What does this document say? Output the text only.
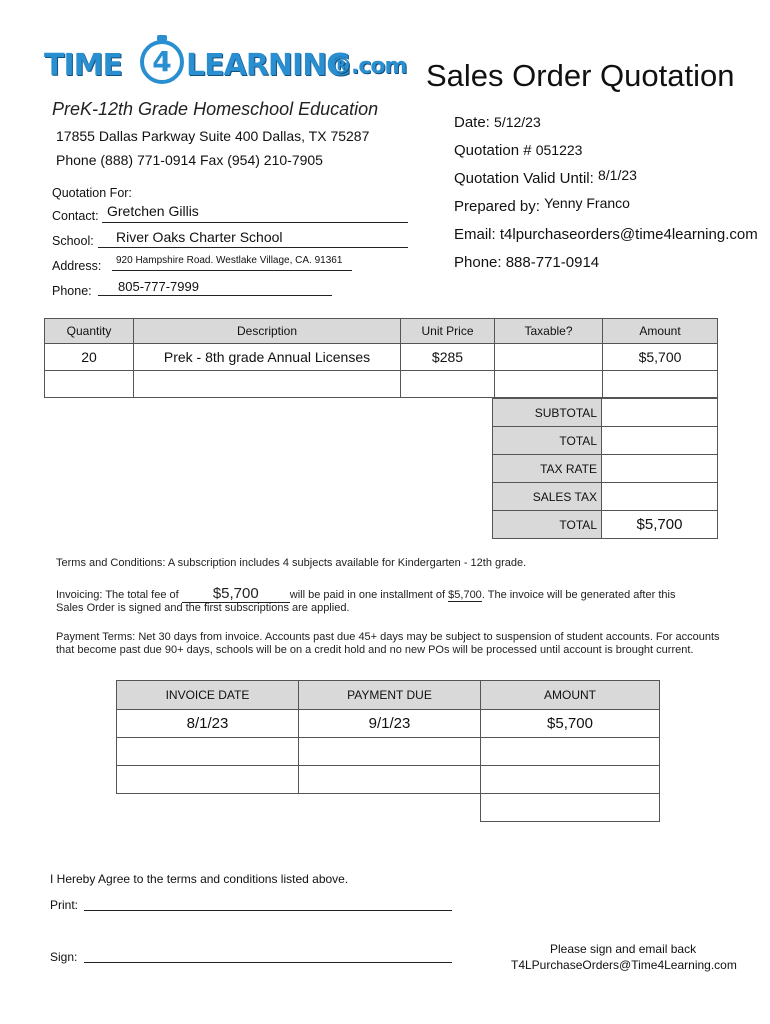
TIME	4 LEARNING
®.com Sales Order Quotation
PreK-12th Grade Homeschool Education
17855 Dallas Parkway Suite 400 Dallas, TX 75287
Phone (888) 771-0914 Fax (954) 210-7905
Quotation For:
Contact: Gretchen Gillis
School: River Oaks Charter School
Address: 920 Hampshire Road. Westlake Village, CA. 91361
Phone: 805-777-7999
Date: 5/12/23
Quotation # 051223
Quotation Valid Until: 8/1/23
Prepared by: Yenny Franco
Email: t4lpurchaseorders@time4learning.com
Phone: 888-771-0914
Quantity	Description	Unit Price	Taxable?	Amount
20	Prek - 8th grade Annual Licenses	$285		$5,700

SUBTOTAL	
TOTAL	
TAX RATE	
SALES TAX	
TOTAL	$5,700
Terms and Conditions: A subscription includes 4 subjects available for Kindergarten - 12th grade.
Invoicing: The total fee of $5,700	will be paid in one installment of $5,700. The invoice will be generated after this
Sales Order is signed and the first subscriptions are applied.
Payment Terms: Net 30 days from invoice. Accounts past due 45+ days may be subject to suspension of student accounts. For accounts that become past due 90+ days, schools will be on a credit hold and no new POs will be processed until account is brought current.
INVOICE DATE	PAYMENT DUE	AMOUNT
8/1/23	9/1/23	$5,700

I Hereby Agree to the terms and conditions listed above.
Print:
Sign:
Please sign and email back
T4LPurchaseOrders@Time4Learning.com
